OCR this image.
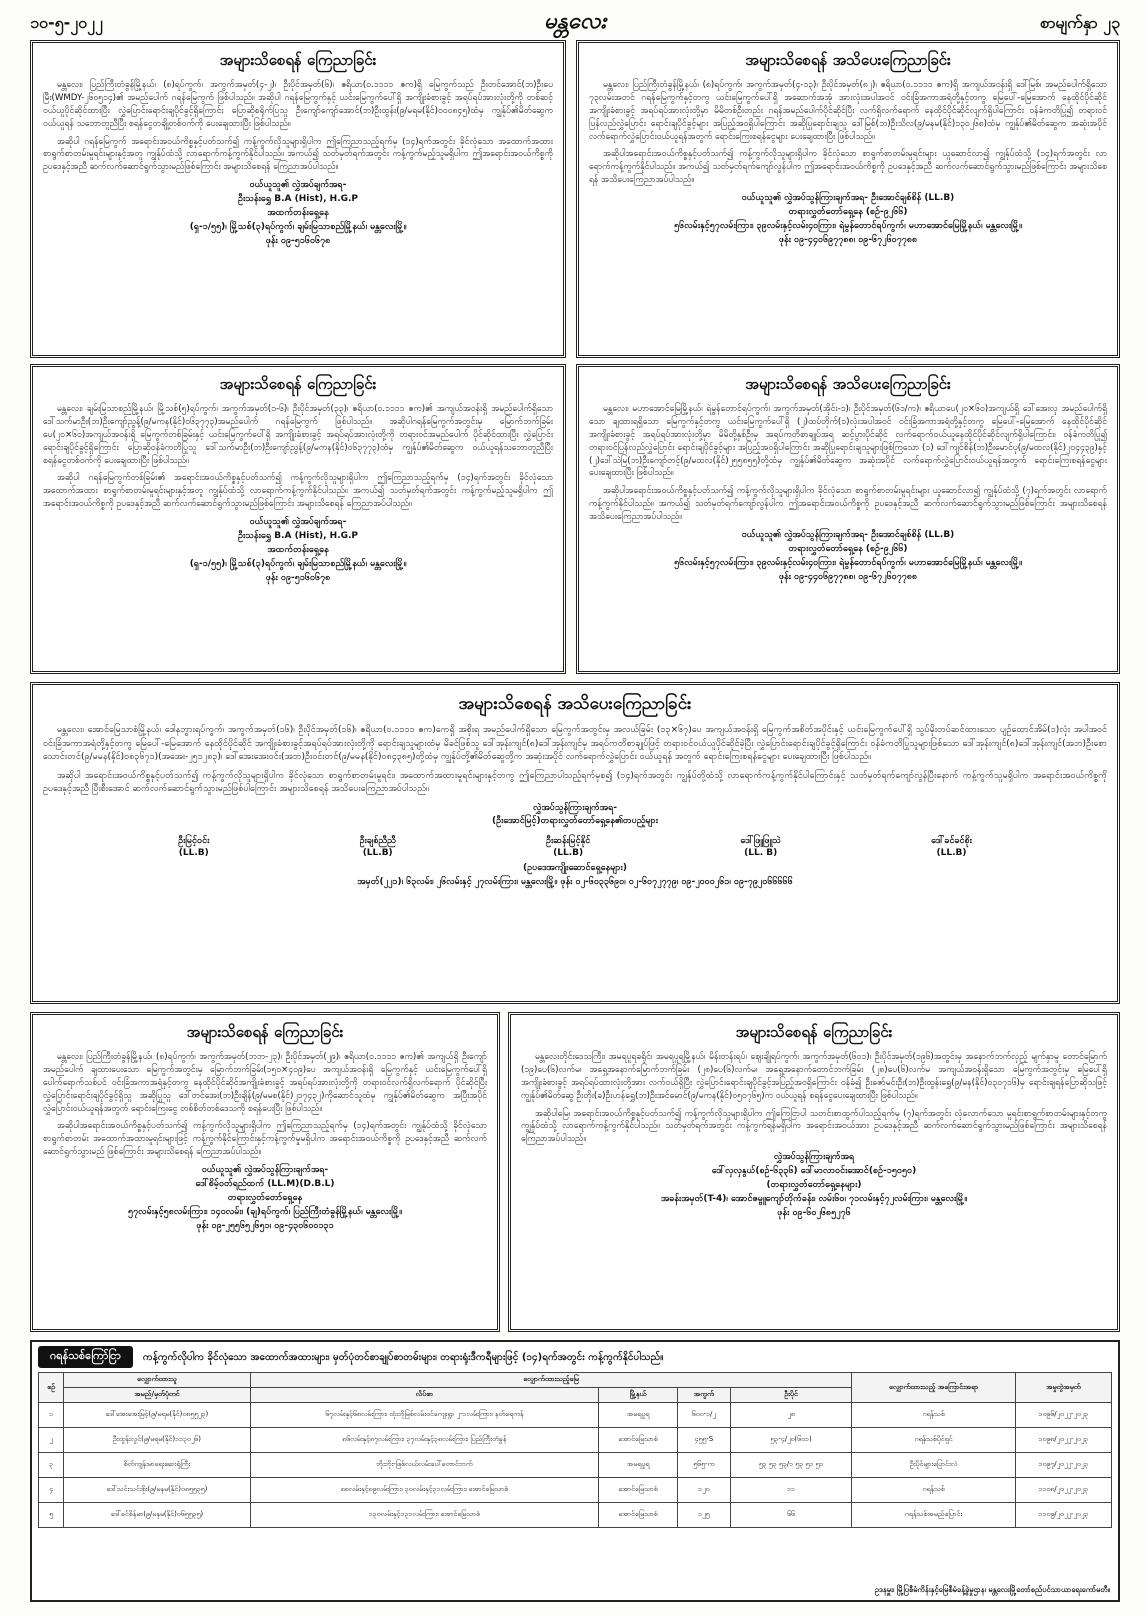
၁၀-၅-၂၀၂၂	မန္တလေး	စာမျက်နှာ ၂၃
အများသိစေရန် ကြေညာခြင်း

မန္တလေး၊ ပြည်ကြီးတံခွန်မြို့နယ်၊ (၈)ရပ်ကွက်၊ အကွက်အမှတ်(၄-၂)၊ ဦးပိုင်အမှတ်(၆)၊ ဧရိယာ(၀.၁၁၁၁ ဧက)ရှိ မြေကွက်သည် ဦးတင်အောင်(ဘ)ဦးပေမြီး(WMDY-၂၆၀၅၁၄)၏ အမည်ပေါက် ဂရန်မြေကွက် ဖြစ်ပါသည်။ အဆိုပါ ဂရန်မြေကွက်နှင့် ယင်းမြေကွက်ပေါ်ရှိ အကျိုးခံစားခွင့် အရပ်ရပ်အားလုံးတို့ကို တစ်ဆင့်ဝယ်ယူပိုင်ဆိုင်ထားပြီး လွှဲပြောင်းရောင်းချပိုင်ခွင့်ရှိကြောင်း ပြောဆိုစရိုက်ပြသူ ဦးကျော်ကျော်အောင်(ဘ)ဦးထွန်း(၉/မရမ(နိုင်)၀၀၀၈၄၅)ထံမှ ကျွန်ုပ်၏မိတ်ဆွေက ဝယ်ယူရန် သဘောတူညီပြီး စရန်ငွေတချို့တစ်ဝက်ကို ပေးချေထားပြီး ဖြစ်ပါသည်။

အဆိုပါ ဂရန်မြေကွက် အရောင်းအဝယ်ကိစ္စနှင့်ပတ်သက်၍ ကန့်ကွက်လိုသူများရှိပါက ဤကြေညာသည့်ရက်မှ (၁၄)ရက်အတွင်း ခိုင်လုံသော အထောက်အထား စာရွက်စာတမ်းမူရင်းများနှင့်အတူ ကျွန်ုပ်ထံသို့ လာရောက်ကန့်ကွက်နိုင်ပါသည်။ အကယ်၍ သတ်မှတ်ရက်အတွင်း ကန့်ကွက်မည့်သူမရှိပါက ဤအရောင်းအဝယ်ကိစ္စကို ဥပဒေနှင့်အညီ ဆက်လက်ဆောင်ရွက်သွားမည်ဖြစ်ကြောင်း အများသိစေရန် ကြေညာအပ်ပါသည်။

ဝယ်ယူသူ၏ လွှဲအပ်ချက်အရ-
ဦးသန်းရွှေ B.A (Hist), H.G.P
အထက်တန်းရှေ့နေ
(ရှ-၁/၅၅)၊ မြို့သစ်(၃)ရပ်ကွက်၊ ချမ်းမြသာစည်မြို့နယ်၊ မန္တလေးမြို့။
ဖုန်း ၀၉-၅၁၆၀၆၇၈
အများသိစေရန် အသိပေးကြေညာခြင်း

မန္တလေး၊ ပြည်ကြီးတံခွန်မြို့နယ်၊ (၈)ရပ်ကွက်၊ အကွက်အမှတ်(၄-၁၃)၊ ဦးပိုင်အမှတ်(၈၂)၊ ဧရိယာ(၀.၁၁၁၁ ဧက)ရှိ အကျယ်အဝန်းရှိ ဒေါ်မြစ်၊ အမည်ပေါက်ရှိသော ၇၃လမ်းအတင် ဂရန်မြေကွက်နှင့်တကွ ယင်းမြေကွက်ပေါ်ရှိ အဆောက်အအုံ အားလုံးအပါအဝင် ဝင်းခြံအကာအရံတို့နှင့်တကွ မြေပေါ်-မြေအောက် နေထိုင်ပိုင်ဆိုင် အကျိုးခံစားခွင့် အရပ်ရပ်အားလုံးတို့မှာ မိမိတစ်ဦးတည်း ဂရန်အမည်ပေါက်ပိုင်ဆိုင်ပြီး လက်ရှိလက်ရောက် နေထိုင်ပိုင်ဆိုင်လျက်ရှိပါကြောင်း ဝန်ခံကတိပြု၍ တရားဝင်ပြန်လည်လွှဲပြောင်း ရောင်းချပိုင်ခွင့်များ အပြည့်အဝရှိပါကြောင်း အဆိုပြုရောင်းချသူ ဒေါ်မြစ်(ဘ)ဦးသိလ(၉/မနမ(နိုင်)၁၃၀၂၆၈)ထံမှ ကျွန်ုပ်၏မိတ်ဆွေက အဆုံးအပိုင် လက်ရောက်လွှဲပြောင်းဝယ်ယူရန်အတွက် ရောင်းကြေးစရန်ငွေများ ပေးချေထားပြီး ဖြစ်ပါသည်။

အဆိုပါအရောင်းအဝယ်ကိစ္စနှင့်ပတ်သက်၍ ကန့်ကွက်လိုသူများရှိပါက ခိုင်လုံသော စာရွက်စာတမ်းမူရင်းများ ယူဆောင်လာ၍ ကျွန်ုပ်ထံသို့ (၁၄)ရက်အတွင်း လာရောက်ကန့်ကွက်နိုင်ပါသည်။ အကယ်၍ သတ်မှတ်ရက်ကျော်လွန်ပါက ဤအရောင်းအဝယ်ကိစ္စကို ဥပဒေနှင့်အညီ ဆက်လက်ဆောင်ရွက်သွားမည်ဖြစ်ကြောင်း အများသိစေရန် အသိပေးကြေညာအပ်ပါသည်။

ဝယ်ယူသူ၏ လွှဲအပ်သွန်ကြားချက်အရ- ဦးအောင်ချစ်စိန် (LL.B)
တရားလွှတ်တော်ရှေ့နေ (စဉ်-၉၂၆၆)
၅၆လမ်းနှင့်၅၇လမ်းကြား၊ ၃၉လမ်းနှင့်လမ်း၄၀ကြား၊ ရဲမွန်တောင်ရပ်ကွက်၊ မဟာအောင်မြေမြို့နယ်၊ မန္တလေးမြို့။
ဖုန်း ၀၉-၄၄၀၆၉၇၇၈၈၊ ၀၉-၆၇၂၆၀၇၇၈၈
အများသိစေရန် ကြေညာခြင်း

မန္တလေး၊ ချမ်းမြသာစည်မြို့နယ်၊ မြို့သစ်(၅)ရပ်ကွက်၊ အကွက်အမှတ်(၁-၆)၊ ဦးပိုင်အမှတ်(၃၃)၊ ဧရိယာ(၀.၁၁၁၁ ဧက)၏ အကျယ်အဝန်းရှိ အမည်ပေါက်ရှိသော ဒေါ်သက်မာဦး(ဘ)ဦးကျော်ညွန့်(၉/မကန(နိုင်)၀၆၃၇၇၃)အမည်ပေါက် ဂရန်မြေကွက် ဖြစ်ပါသည်။ အဆိုပါဂရန်မြေကွက်အတွင်းမှ မြောက်ဘက်ခြမ်း ပေ(၂၀×၆၀)အကျယ်အဝန်းရှိ မြေကွက်တစ်ခြမ်းနှင့် ယင်းမြေကွက်ပေါ်ရှိ အကျိုးခံစားခွင့် အရပ်ရပ်အားလုံးတို့ကို တရားဝင်အမည်ပေါက် ပိုင်ဆိုင်ထားပြီး လွှဲပြောင်းရောင်းချပိုင်ခွင့်ရှိကြောင်း ပြောဆိုဝန်ခံကတိပြုသူ ဒေါ်သက်မာဦး(ဘ)ဦးကျော်ညွန့်(၉/မကန(နိုင်)၀၆၃၇၇၃)ထံမှ ကျွန်ုပ်၏မိတ်ဆွေက ဝယ်ယူရန်သဘောတူညီပြီး စရန်ငွေတစ်ဝက်ကို ပေးချေထားပြီး ဖြစ်ပါသည်။

အဆိုပါ ဂရန်မြေကွက်တစ်ခြမ်း၏ အရောင်းအဝယ်ကိစ္စနှင့်ပတ်သက်၍ ကန့်ကွက်လိုသူများရှိပါက ဤကြေညာသည့်ရက်မှ (၁၄)ရက်အတွင်း ခိုင်လုံသော အထောက်အထား စာရွက်စာတမ်းမူရင်းများနှင့်အတူ ကျွန်ုပ်ထံသို့ လာရောက်ကန့်ကွက်နိုင်ပါသည်။ အကယ်၍ သတ်မှတ်ရက်အတွင်း ကန့်ကွက်မည့်သူမရှိပါက ဤအရောင်းအဝယ်ကိစ္စကို ဥပဒေနှင့်အညီ ဆက်လက်ဆောင်ရွက်သွားမည်ဖြစ်ကြောင်း အများသိစေရန် ကြေညာအပ်ပါသည်။

ဝယ်ယူသူ၏ လွှဲအပ်ချက်အရ-
ဦးသန်းရွှေ B.A (Hist), H.G.P
အထက်တန်းရှေ့နေ
(ရှ-၁/၅၅)၊ မြို့သစ်(၃)ရပ်ကွက်၊ ချမ်းမြသာစည်မြို့နယ်၊ မန္တလေးမြို့။
ဖုန်း ၀၉-၅၁၆၀၆၇၈
အများသိစေရန် အသိပေးကြေညာခြင်း

မန္တလေး၊ မဟာအောင်မြေမြို့နယ်၊ ရဲမွန်တောင်ရပ်ကွက်၊ အကွက်အမှတ်(အိုင်း-၁)၊ ဦးပိုင်အမှတ်(၆၁/က)၊ ဧရိယာပေ(၂၀×၆၀)အကျယ်ရှိ ဒေါ်အေးလှ အမည်ပေါက်ရှိသော ချထားရရှိသော မြေကွက်နှင့်တကွ ယင်းမြေကွက်ပေါ်ရှိ (၂)ထပ်တိုက်(၁)လုံးအပါအဝင် ဝင်းခြံအကာအရံတို့နှင့်တကွ မြေပေါ်-မြေအောက် နေထိုင်ပိုင်ဆိုင် အကျိုးခံစားခွင့် အရပ်ရပ်အားလုံးတို့မှာ မိမိတို့နှစ်ဦးမှ အရပ်ကတိစာချုပ်အရ ဆင့်ပွားပိုင်ဆိုင် လက်ရောက်ဝယ်ယူနေထိုင်ပိုင်ဆိုင်လျက်ရှိပါကြောင်း၊ ဝန်ခံကတိပြု၍ တရားဝင်ပြန်လည်လွှဲပြောင်း ရောင်းချပိုင်ခွင့်များ အပြည့်အဝရှိပါကြောင်း အဆိုပြုရောင်းချသူများဖြစ်ကြသော (၁) ဒေါ်ကျင်စိန်(ဘ)ဦးမောင်ပု(၉/မထလ(နိုင်)၂၀၄၄၃၉)နှင့် (၂)ဒေါ်သဲမြ(ဘ)ဦးကျော်တင့်(၉/မထလ(နိုင်)၂၅၅၈၅၅)တို့ထံမှ ကျွန်ုပ်၏မိတ်ဆွေက အဆုံးအပိုင် လက်ရောက်လွှဲပြောင်းဝယ်ယူရန်အတွက် ရောင်းကြေးစရန်ငွေများ ပေးချေထားပြီး ဖြစ်ပါသည်။

အဆိုပါအရောင်းအဝယ်ကိစ္စနှင့်ပတ်သက်၍ ကန့်ကွက်လိုသူများရှိပါက ခိုင်လုံသော စာရွက်စာတမ်းမူရင်းများ ယူဆောင်လာ၍ ကျွန်ုပ်ထံသို့ (၇)ရက်အတွင်း လာရောက်ကန့်ကွက်နိုင်ပါသည်။ အကယ်၍ သတ်မှတ်ရက်ကျော်လွန်ပါက ဤအရောင်းအဝယ်ကိစ္စကို ဥပဒေနှင့်အညီ ဆက်လက်ဆောင်ရွက်သွားမည်ဖြစ်ကြောင်း အများသိစေရန် အသိပေးကြေညာအပ်ပါသည်။

ဝယ်ယူသူ၏ လွှဲအပ်သွန်ကြားချက်အရ- ဦးအောင်ချစ်စိန် (LL.B)
တရားလွှတ်တော်ရှေ့နေ (စဉ်-၉၂၆၆)
၅၆လမ်းနှင့်၅၇လမ်းကြား၊ ၃၉လမ်းနှင့်လမ်း၄၀ကြား၊ ရဲမွန်တောင်ရပ်ကွက်၊ မဟာအောင်မြေမြို့နယ်၊ မန္တလေးမြို့။
ဖုန်း ၀၉-၄၄၀၆၉၇၇၈၈၊ ၀၉-၆၇၂၆၀၇၇၈၈
အများသိစေရန် အသိပေးကြေညာခြင်း

မန္တလေး၊ အောင်မြေသာစံမြို့နယ်၊ ဒေါနဘွားရပ်ကွက်၊ အကွက်အမှတ်(၁၆)၊ ဦးပိုင်အမှတ်(၁၆)၊ ဧရိယာ(၀.၁၁၁၁ ဧက)ကေရှိ အစိုးရ အမည်ပေါက်ရှိသော မြေကွက်အတွင်းမှ အလယ်ခြမ်း (၁၃×၆၇)ပေ အကျယ်အဝန်းရှိ မြေကွက်အစိတ်အပိုင်းနှင့် ယင်းမြေကွက်ပေါ်ရှိ သွပ်မိုးတပ်ဆင်ထားသော ပျဉ်ထောင်အိမ်(၁)လုံး အပါအဝင် ဝင်းခြံအကာအရံတို့နှင့်တကွ မြေပေါ်-မြေအောက် နေထိုင်ပိုင်ဆိုင် အကျိုးခံစားခွင့်အရပ်ရပ်အားလုံးတို့ကို ရောင်းချသူများထံမှ မိခင်ဖြစ်သူ ဒေါ်အုန်းကျင်(၈)ဒေါ်အုန်းကျင်မှ အရပ်ကတိစာချုပ်ဖြင့် တရားဝင်ဝယ်ယူပိုင်ဆိုင်ခဲ့ပြီး လွှဲပြောင်းရောင်းချပိုင်ခွင့်ရှိကြောင်း ဝန်ခံကတိပြုသူများဖြစ်သော ဒေါ်အုန်းကျင်(၈)ဒေါ်အုန်းကျင်(အဘ)ဦးစောသောင်းတင်(၉/မမန(နိုင်)၀၈၃၆၇၁)(အအေး-၂၅၁၂၈၃)၊ ဒေါ်အေးအေးဝင်း(အဘ)ဦးဝင်းတင်(၉/မမန(နိုင်)၀၈၄၃၈၅)တို့ထံမှ ကျွန်ုပ်တို့၏မိတ်ဆွေတို့က အဆုံးအပိုင် လက်ရောက်လွှဲပြောင်း ဝယ်ယူရန် အတွက် ရောင်းကြေးစရန်ငွေများ ပေးချေထားပြီး ဖြစ်ပါသည်။

အဆိုပါ အရောင်းအဝယ်ကိစ္စနှင့်ပတ်သက်၍ ကန့်ကွက်လိုသူများရှိပါက ခိုင်လုံသော စာရွက်စာတမ်းမူရင်း၊ အထောက်အထားမူရင်းများနှင့်တကွ ဤကြေညာပါသည့်ရက်မှစ၍ (၁၄)ရက်အတွင်း ကျွန်ုပ်တို့ထံသို့ လာရောက်ကန့်ကွက်နိုင်ပါကြောင်းနှင့် သတ်မှတ်ရက်ကျော်လွန်ပြီးနောက် ကန့်ကွက်သူမရှိပါက အရောင်းအဝယ်ကိစ္စကို ဥပဒေနှင့်အညီ ပြီးစီးအောင် ဆက်လက်ဆောင်ရွက်သွားမည်ဖြစ်ပါကြောင်း အများသိစေရန် အသိပေးကြေညာအပ်ပါသည်။

လွှဲအပ်သွန်ကြားချက်အရ-
(ဦးအောင်မြင့်)တရားလွှတ်တော်ရှေ့နေ၏တပည့်များ
ဦးမြင့်ဝင်း
(LL.B)
ဦးချစ်ညီညီ
(LL.B)
ဦးဆန်းမြင့်နိုင်
(LL.B)
ဒေါ်ဖြူဖြူသဲ
(LL. B)
ဒေါ်ခင်ခင်စိုး
(LL.B)
(ဥပဒေအကျိုးဆောင်ရှေ့နေများ)
အမှတ်(၂၂၁)၊ ၆၃လမ်း၊ ၂၆လမ်းနှင့် ၂၇လမ်းကြား၊ မန္တလေးမြို့။ ဖုန်း ၀၂-၆၀၃၃၆၉၀၊ ၀၂-၆၀၇၂၇၇၉၊ ၀၉-၂၀၀၀၂၆၁၊ ၀၉-၇၉၂၀၆၆၆၆၆
အများသိစေရန် ကြေညာခြင်း

မန္တလေး၊ ပြည်ကြီးတံခွန်မြို့နယ်၊ (၈)ရပ်ကွက်၊ အကွက်အမှတ်(ဘဘ-၂၃)၊ ဦးပိုင်အမှတ်(၂၉)၊ ဧရိယာ(၀.၁၁၁၁ ဧက)၏ အကျယ်ရှိ ဦးကျော်အမည်ပေါက် ချထားပေးသော မြေကွက်အတွင်းမှ မြောက်ဘက်ခြမ်း(၁၅၀×၄၀၉)ပေ အကျယ်အဝန်းရှိ မြေကွက်နှင့် ယင်းမြေကွက်ပေါ်ရှိ ပေါက်ရောက်သစ်ပင် ဝင်းခြံအကာအရံနှင့်တကွ နေထိုင်ပိုင်ဆိုင်အကျိုးခံစားခွင့် အရပ်ရပ်အားလုံးတို့ကို တရားဝင်လက်ရှိလက်ရောက် ပိုင်ဆိုင်ပြီး လွှဲပြောင်းရောင်းချပိုင်ခွင့်ရှိသူ အဆိုပြုသူ ဒေါ်တင်အေး(ဘ)ဦးချိန်(၉/မမစ(နိုင်)၂၁၇၄၃၂)ကိုဆောင်သူထံမှ ကျွန်ုပ်၏မိတ်ဆွေက အပြီးအပိုင် လွှဲပြောင်းဝယ်ယူရန်အတွက် ရောင်းကြေးငွေ တစ်စိတ်တစ်ဒေသကို စရန်ပေးပြီး ဖြစ်ပါသည်။

အဆိုပါအရောင်းအဝယ်ကိစ္စနှင့်ပတ်သက်၍ ကန့်ကွက်လိုသူများရှိပါက ဤကြေညာသည့်ရက်မှ (၁၄)ရက်အတွင်း ကျွန်ုပ်ထံသို့ ခိုင်လုံသော စာရွက်စာတမ်း အထောက်အထားမူရင်းများဖြင့် ကန့်ကွက်နိုင်ကြောင်းနှင့်ကန့်ကွက်မှုမရှိပါက အရောင်းအဝယ်ကိစ္စကို ဥပဒေနှင့်အညီ ဆက်လက်ဆောင်ရွက်သွားမည် ဖြစ်ကြောင်း အများသိစေရန် ကြေညာအပ်ပါသည်။

ဝယ်ယူသူ၏ လွှဲအပ်သွန်ကြားချက်အရ-
ဒေါ်စိမ့်ဝတ်ရည်ထက် (LL.M)(D.B.L)
တရားလွှတ်တော်ရှေ့နေ
၅၇လမ်းနှင့်၅၈လမ်းကြား၊ ၁၄၀လမ်း၊ (ချ)ရပ်ကွက်၊ ပြည်ကြီးတံခွန်မြို့နယ်၊ မန္တလေးမြို့။
ဖုန်း ၀၉-၂၅၅၆၅၂၆၅၁၊ ၀၉-၄၃၀၆၀၀၁၃၁
အများသိစေရန် ကြေညာခြင်း

မန္တလေးတိုင်းဒေသကြီး၊ အမရပူရခရိုင်၊ အမရပူရမြို့နယ်၊ မိန်းတန်းရပ်၊ ဈေးချိုရပ်ကွက်၊ အကွက်အမှတ်(၆၀၁)၊ ဦးပိုင်အမှတ်(၁၉၆)အတွင်းမှ အနောက်ဘက်လှည့် မျက်နှာမူ တောင်မြောက် (၁၉)ပေ(၆)လက်မ၊ အရှေ့အနောက်မြောက်ဘက်ခြမ်း (၂၈)ပေ(၆)လက်မ၊ အရှေ့အနောက်တောင်ဘက်ခြမ်း (၂၈)ပေ(၆)လက်မ အကျယ်အဝန်းရှိသော မြေကွက်အတွင်းမှ မြေပေါ်ရှိ အကျိုးခံစားခွင့် အရပ်ရပ်ထားလုံးတို့အား လက်ဝယ်ရှိပြီး လွှဲပြောင်းရောင်းချပိုင်ခွင့်အပြည့်အဝရှိကြောင်း ဝန်ခံ၍ ဦးဇော်မင်းဦး(ဘ)ဦးထွန်းရွှေ(၉/မန(နိုင်)၀၃၀၇၁၆)မှ ရောင်းချရန်ပြောဆိုသဖြင့် ကျွန်ုပ်၏မိတ်ဆွေ ဦးတိုး(ခ)ဦးဟန်ရွှေ(ဘ)ဦးအင်မောင်(၉/မကန(နိုင်)၀၅၀၇၆၅)က ဝယ်ယူရန် စရန်ငွေပေးချေထားပြီး ဖြစ်ပါသည်။

အဆိုပါမြေ၊ အရောင်းအဝယ်ကိစ္စနှင့်ပတ်သက်၍ ကန့်ကွက်လိုသူများရှိပါက ဤကြေငြာပါ သတင်းစာထွက်ပါသည့်ရက်မှ (၇)ရက်အတွင်း လုံလောက်သော မူရင်းစာရွက်စာတမ်းများနှင့်တကွ ကျွန်ုပ်ထံသို့ လာရောက်ကန့်ကွက်နိုင်ပါသည်။ သတ်မှတ်ရက်အတွင်း ကန့်ကွက်ရန်မရှိပါက အရောင်းအဝယ်အား ဥပဒေနှင့်အညီ ဆက်လက်ဆောင်ရွက်သွားမည်ဖြစ်ကြောင်း အများသိစေရန် ကြေညာအပ်ပါသည်။

လွှဲအပ်သွန်ကြားချက်အရ
ဒေါ်လှလှနွယ်(စဉ်-၆၃၃၆) ဒေါ်မာလာဝင်းအောင်(စဉ်-၁၅၀၅၀)
(တရားလွှတ်တော်ရှေ့နေများ)
အခန်းအမှတ်(T-4)၊ အောင်ဇမ္ဗူကျော်တိုက်ခန်း၊ လမ်း၆၀၊ ၇၁လမ်းနှင့်၇၂လမ်းကြား၊ မန္တလေးမြို့။
ဖုန်း ၀၉-၆၀၂၆၈၅၂၇၆
ဂရန်သစ်ကြော်ငြာ	ကန့်ကွက်လိုပါက ခိုင်လုံသော အထောက်အထားများ၊ မှတ်ပုံတင်စာချုပ်စာတမ်းများ၊ တရားရုံးဒီကရီများဖြင့် (၁၄)ရက်အတွင်း ကန့်ကွက်နိုင်ပါသည်။
စဉ်	လျှောက်ထားသူ	လျှောက်ထားသည့်မြေ				လျှောက်ထားသည့် အကြောင်းအရာ	အမှုတွဲအမှတ်
	အမည်/မှတ်ပုံတင်	လိပ်စာ	မြို့နယ်	အကွက်	ဦးပိုင်		
၁	ဒေါ်အေးအေးမြင့်(၉/မရမ(နိုင်)၀၈၅၅၂၃)	၆၇လမ်းနှင့်၆၈လမ်းကြား၊ ထုံးဘိုမြစ်လမ်းဝင်ကျေးရွာ ၂-၁လမ်းကြား၊ နတ်ရေကန်	အမရပူရ	၆၀၀-၁/၂	၂၈	ဂရန်သစ်	၁၀၉၆/၂၀၂၂-၂၀၂၃
၂	ဦးထွန်းလွင်(၉/မရမ(နိုင်)၁၁၃၀၂၆)	၈၆လမ်းနှင့်၈၇လမ်းကြား၊ ၃၇လမ်းနှင့်၃၈လမ်းကြား၊ ပြည်ကြီးတံခွန်	အောင်မြေသာစံ	၄၅၅-S	၅၃-၄/၂၀(၆၀၁)	ဂရန်သစ်ပိုင်ရှင်	၁၀၉၈/၂၀၂၂-၂၀၂၃
၃	စိတ်ကျန်းမာရေးဆေးရုံကြီး	ဘိုးဘိုး-ဖြစ်လယ်လမ်းပေါ်တောင်ဘက်	အမရပူရ	၅၆၅-က	၅၃ ၅၃ ၅၃/၁ ၅၃ ၅၁ ၅၁	ဦးပိုင်များပြောင်းလဲ	၁၀၉၇/၂၀၂၂-၂၀၂၃
၄	ဒေါ်သင်းသင်းစိုး(၉/မနမ(နိုင်)၀၈၅၅၃၅)	၈၈လမ်းနှင့်၈၉လမ်းကြား၊ ၃၀လမ်းနှင့်၃၁လမ်းကြား၊ အောင်မြေသာစံ	အောင်မြေသာစံ	၁၂၀	၁၁	ဂရန်သစ်	၁၁၀၈/၂၀၂၂-၂၀၂၃
၅	ဒေါ်ခင်စိန်မာ(၉/မနမ(နိုင်)၀၆၅၅၃၅)	၁၃၀လမ်းနှင့်၁၃၁လမ်းကြား၊ အောင်မြေသာစံ	အောင်မြေသာစံ	၁၂၅	၆၆	ဂရန်သစ်အမည်ပြောင်း	၁၁၀၉/၂၀၂၂-၂၀၂၃
ဥဒနမှူး၊ မြို့ပြစီမံကိန်းနှင့်မြေစီမံခန့်ခွဲမှုဌာန၊ မန္တလေးမြို့တော်စည်ပင်သာယာရေးကော်မတီ။
